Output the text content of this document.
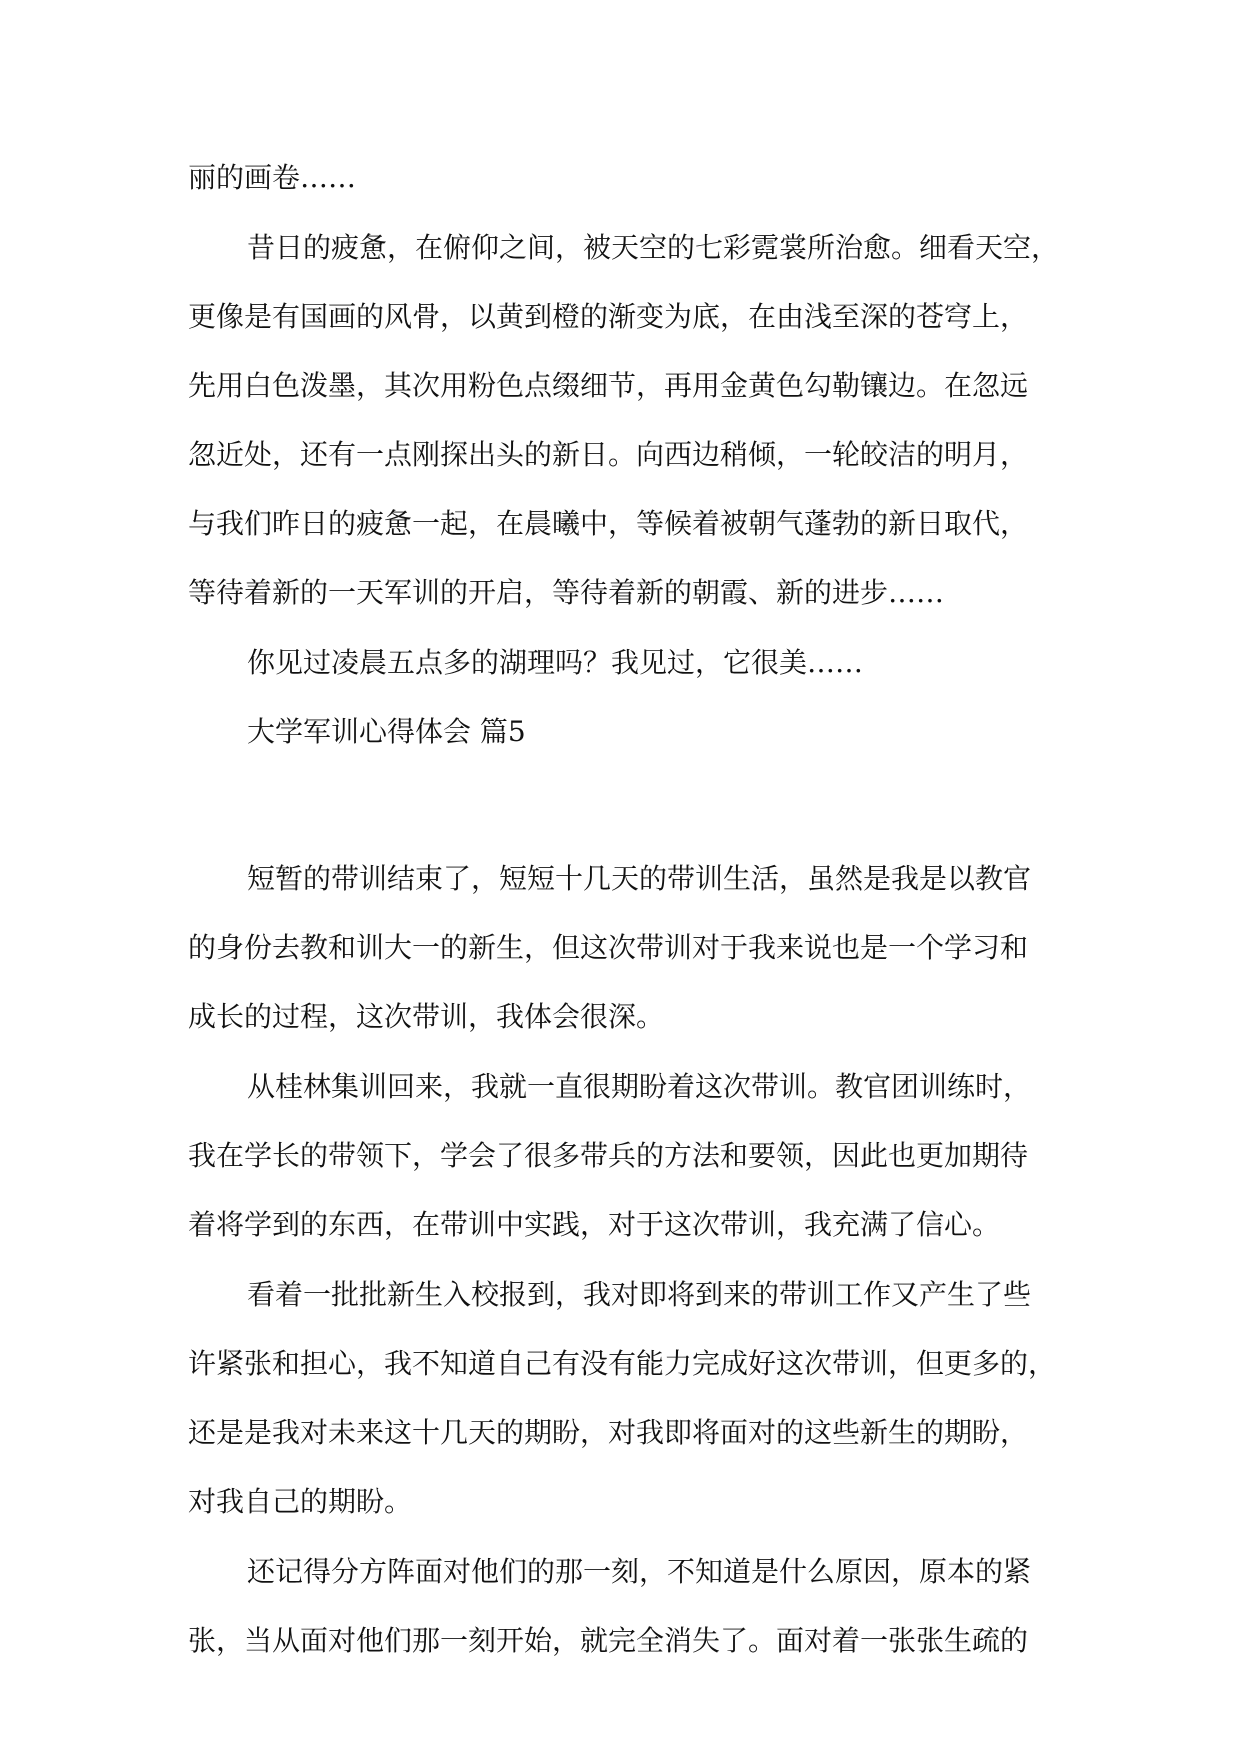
丽的画卷……
昔日的疲惫，在俯仰之间，被天空的七彩霓裳所治愈。细看天空，
更像是有国画的风骨，以黄到橙的渐变为底，在由浅至深的苍穹上，
先用白色泼墨，其次用粉色点缀细节，再用金黄色勾勒镶边。在忽远
忽近处，还有一点刚探出头的新日。向西边稍倾，一轮皎洁的明月，
与我们昨日的疲惫一起，在晨曦中，等候着被朝气蓬勃的新日取代，
等待着新的一天军训的开启，等待着新的朝霞、新的进步……
你见过凌晨五点多的湖理吗？我见过，它很美……
大学军训心得体会 篇5
短暂的带训结束了，短短十几天的带训生活，虽然是我是以教官
的身份去教和训大一的新生，但这次带训对于我来说也是一个学习和
成长的过程，这次带训，我体会很深。
从桂林集训回来，我就一直很期盼着这次带训。教官团训练时，
我在学长的带领下，学会了很多带兵的方法和要领，因此也更加期待
着将学到的东西，在带训中实践，对于这次带训，我充满了信心。
看着一批批新生入校报到，我对即将到来的带训工作又产生了些
许紧张和担心，我不知道自己有没有能力完成好这次带训，但更多的，
还是是我对未来这十几天的期盼，对我即将面对的这些新生的期盼，
对我自己的期盼。
还记得分方阵面对他们的那一刻，不知道是什么原因，原本的紧
张，当从面对他们那一刻开始，就完全消失了。面对着一张张生疏的
